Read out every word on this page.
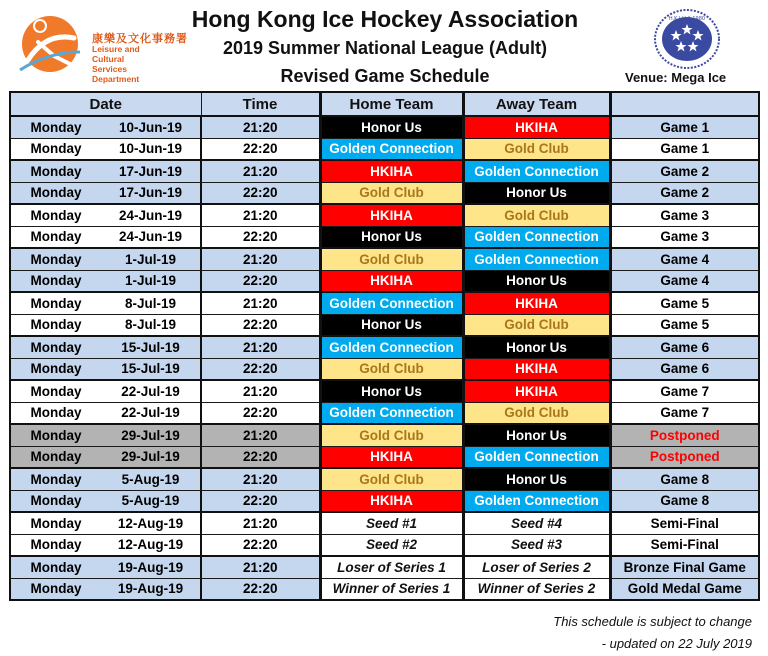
康樂及文化事務署
Leisure and Cultural
Services Department
Hong Kong Ice Hockey Association
2019 Summer National League (Adult)
Revised Game Schedule
H.K.I.H.A 1980
Venue: Mega Ice
Date		Time	Home Team	Away Team	
Monday	10-Jun-19	21:20	Honor Us	HKIHA	Game 1
Monday	10-Jun-19	22:20	Golden Connection	Gold Club	Game 1
Monday	17-Jun-19	21:20	HKIHA	Golden Connection	Game 2
Monday	17-Jun-19	22:20	Gold Club	Honor Us	Game 2
Monday	24-Jun-19	21:20	HKIHA	Gold Club	Game 3
Monday	24-Jun-19	22:20	Honor Us	Golden Connection	Game 3
Monday	1-Jul-19	21:20	Gold Club	Golden Connection	Game 4
Monday	1-Jul-19	22:20	HKIHA	Honor Us	Game 4
Monday	8-Jul-19	21:20	Golden Connection	HKIHA	Game 5
Monday	8-Jul-19	22:20	Honor Us	Gold Club	Game 5
Monday	15-Jul-19	21:20	Golden Connection	Honor Us	Game 6
Monday	15-Jul-19	22:20	Gold Club	HKIHA	Game 6
Monday	22-Jul-19	21:20	Honor Us	HKIHA	Game 7
Monday	22-Jul-19	22:20	Golden Connection	Gold Club	Game 7
Monday	29-Jul-19	21:20	Gold Club	Honor Us	Postponed
Monday	29-Jul-19	22:20	HKIHA	Golden Connection	Postponed
Monday	5-Aug-19	21:20	Gold Club	Honor Us	Game 8
Monday	5-Aug-19	22:20	HKIHA	Golden Connection	Game 8
Monday	12-Aug-19	21:20	Seed #1	Seed #4	Semi-Final
Monday	12-Aug-19	22:20	Seed #2	Seed #3	Semi-Final
Monday	19-Aug-19	21:20	Loser of Series 1	Loser of Series 2	Bronze Final Game
Monday	19-Aug-19	22:20	Winner of Series 1	Winner of Series 2	Gold Medal Game
This schedule is subject to change
- updated on 22 July 2019
